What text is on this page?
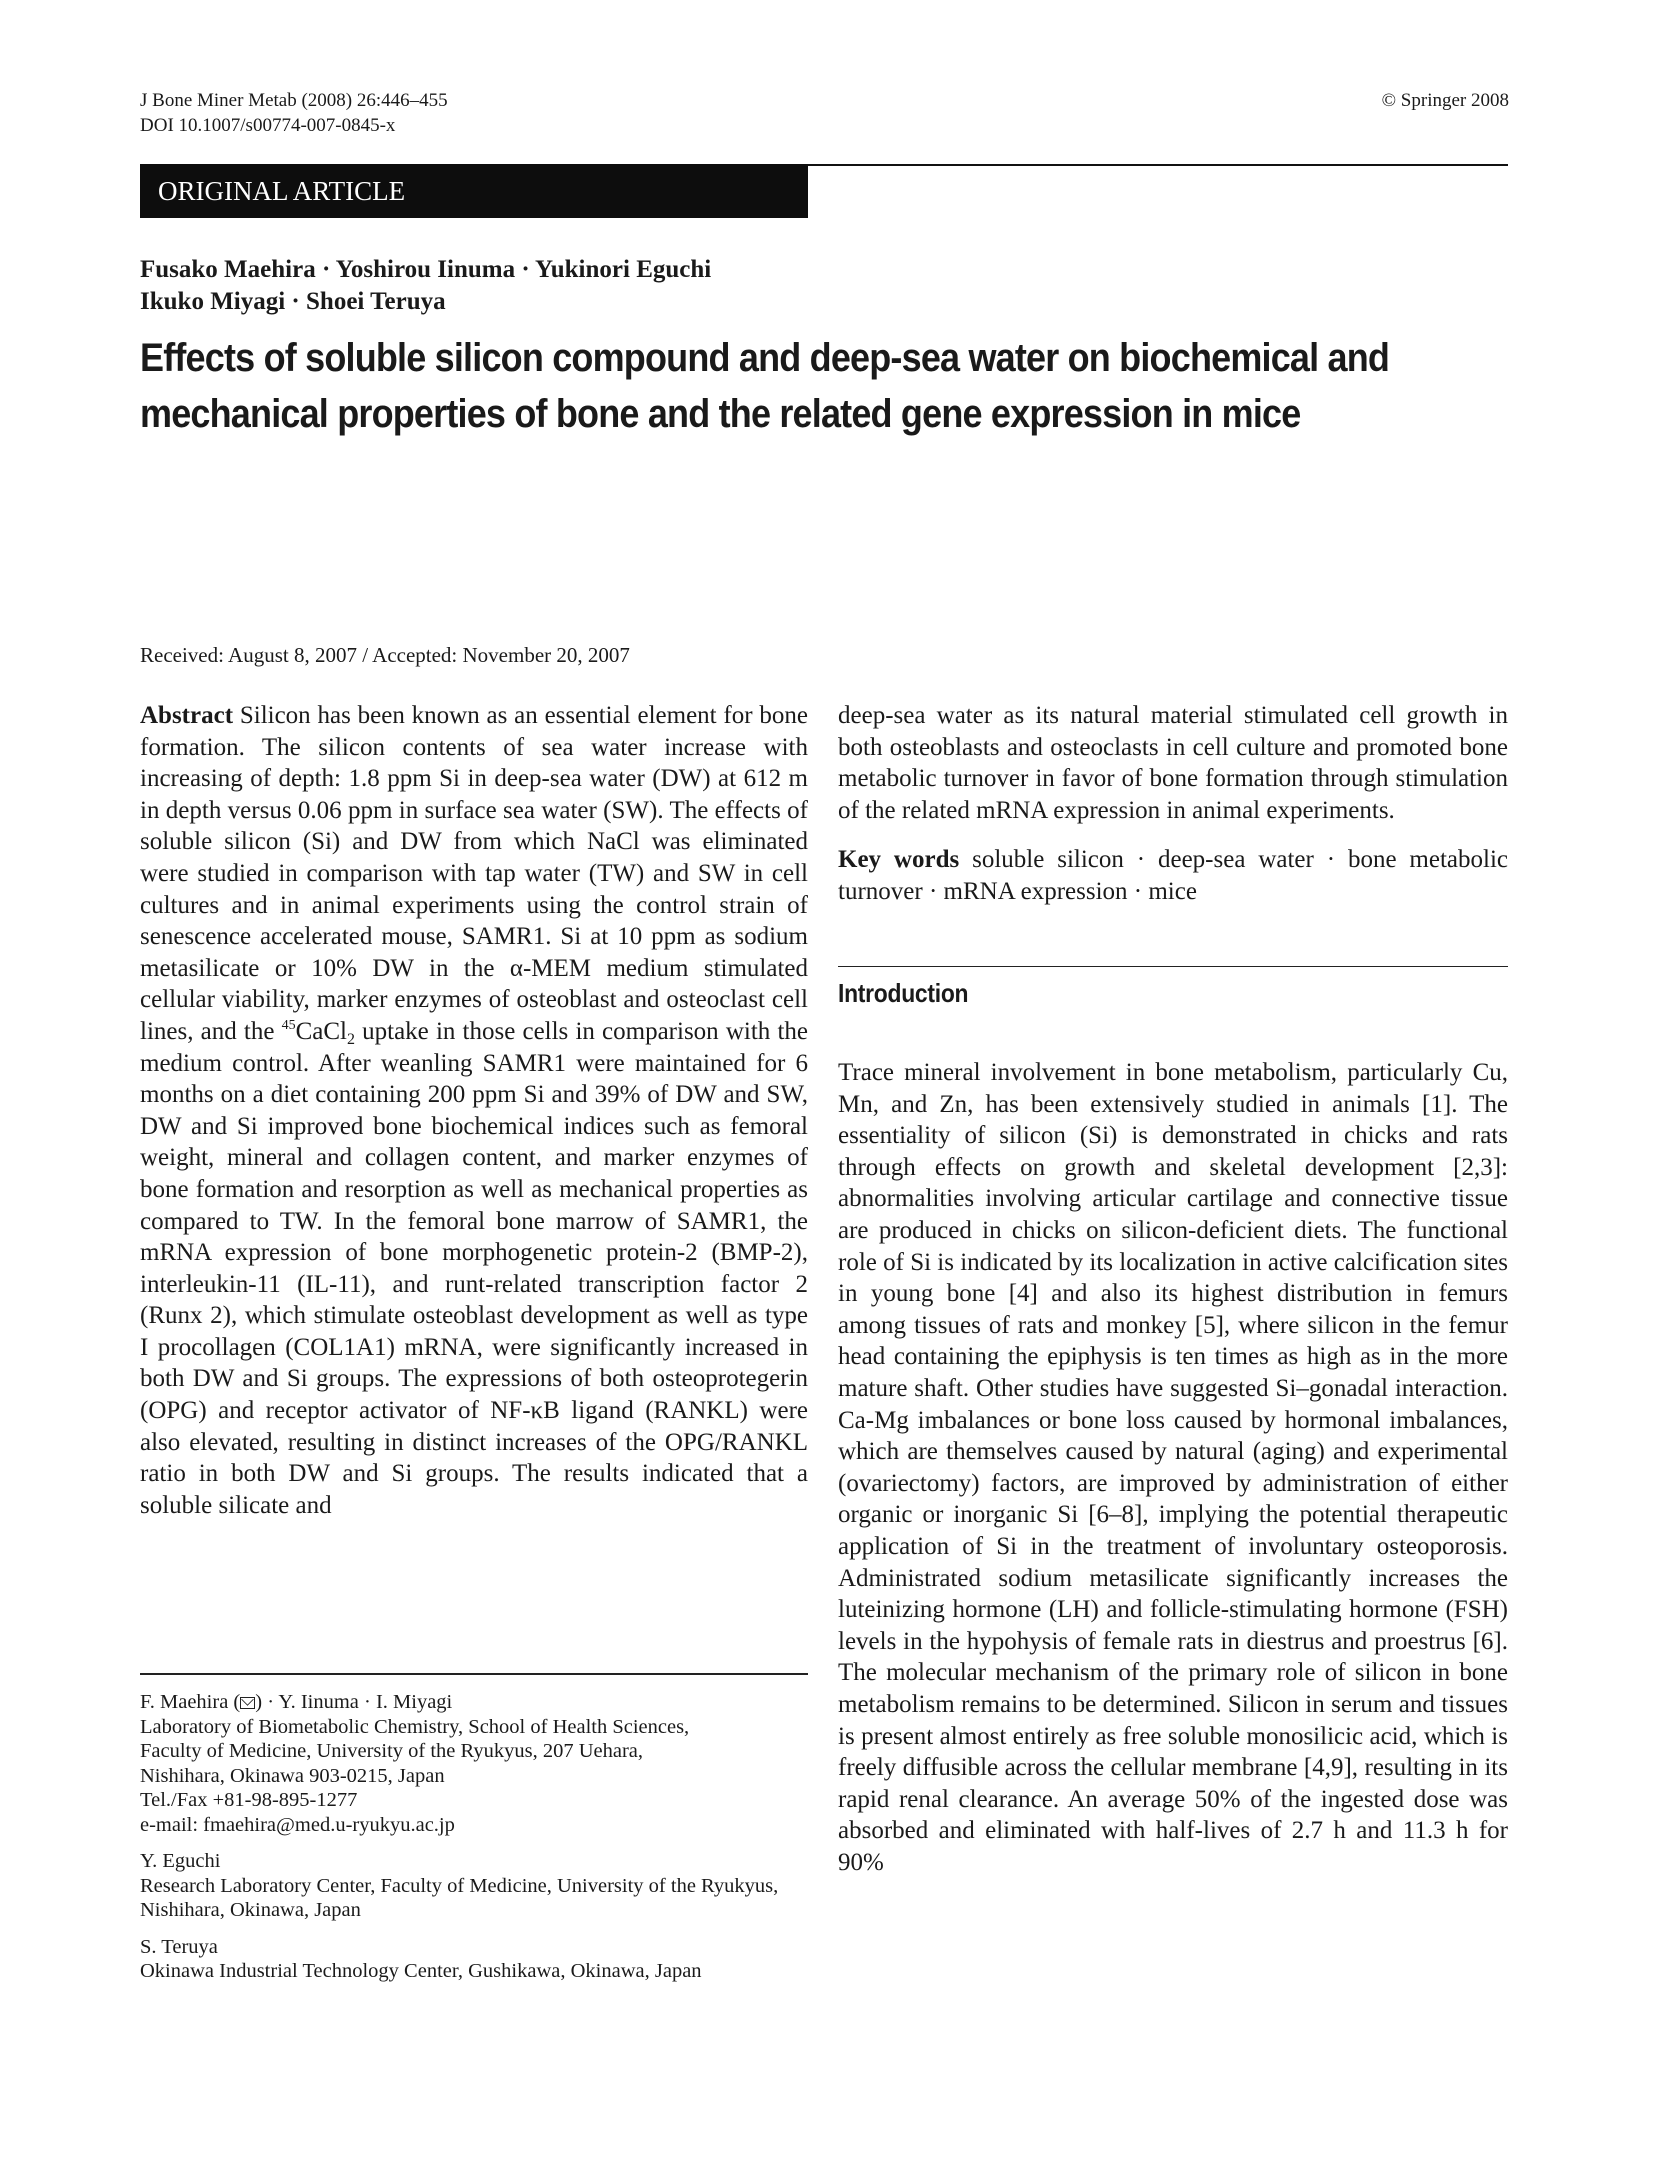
J Bone Miner Metab (2008) 26:446–455
DOI 10.1007/s00774-007-0845-x
© Springer 2008
ORIGINAL ARTICLE
Fusako Maehira · Yoshirou Iinuma · Yukinori Eguchi
Ikuko Miyagi · Shoei Teruya
Effects of soluble silicon compound and deep-sea water on biochemical and
mechanical properties of bone and the related gene expression in mice
Received: August 8, 2007 / Accepted: November 20, 2007
Abstract Silicon has been known as an essential element for bone formation. The silicon contents of sea water increase with increasing of depth: 1.8 ppm Si in deep-sea water (DW) at 612 m in depth versus 0.06 ppm in surface sea water (SW). The effects of soluble silicon (Si) and DW from which NaCl was eliminated were studied in comparison with tap water (TW) and SW in cell cultures and in animal experiments using the control strain of senescence accelerated mouse, SAMR1. Si at 10 ppm as sodium metasilicate or 10% DW in the α-MEM medium stimulated cellular viability, marker enzymes of osteoblast and osteoclast cell lines, and the $^{45}$CaCl$_2$ uptake in those cells in comparison with the medium control. After weanling SAMR1 were maintained for 6 months on a diet containing 200 ppm Si and 39% of DW and SW, DW and Si improved bone biochemical indices such as femoral weight, mineral and collagen content, and marker enzymes of bone formation and resorption as well as mechanical properties as compared to TW. In the femoral bone marrow of SAMR1, the mRNA expression of bone morphogenetic protein-2 (BMP-2), interleukin-11 (IL-11), and runt-related transcription factor 2 (Runx 2), which stimulate osteoblast development as well as type I procollagen (COL1A1) mRNA, were significantly increased in both DW and Si groups. The expressions of both osteoprotegerin (OPG) and receptor activator of NF-κB ligand (RANKL) were also elevated, resulting in distinct increases of the OPG/RANKL ratio in both DW and Si groups. The results indicated that a soluble silicate and
F. Maehira ( ) · Y. Iinuma · I. Miyagi
Laboratory of Biometabolic Chemistry, School of Health Sciences,
Faculty of Medicine, University of the Ryukyus, 207 Uehara,
Nishihara, Okinawa 903-0215, Japan
Tel./Fax +81-98-895-1277
e-mail: fmaehira@med.u-ryukyu.ac.jp
Y. Eguchi
Research Laboratory Center, Faculty of Medicine, University of the Ryukyus, Nishihara, Okinawa, Japan
S. Teruya
Okinawa Industrial Technology Center, Gushikawa, Okinawa, Japan
deep-sea water as its natural material stimulated cell growth in both osteoblasts and osteoclasts in cell culture and promoted bone metabolic turnover in favor of bone formation through stimulation of the related mRNA expression in animal experiments.
Key words soluble silicon · deep-sea water · bone metabolic turnover · mRNA expression · mice
Introduction
Trace mineral involvement in bone metabolism, particularly Cu, Mn, and Zn, has been extensively studied in animals [1]. The essentiality of silicon (Si) is demonstrated in chicks and rats through effects on growth and skeletal development [2,3]: abnormalities involving articular cartilage and connective tissue are produced in chicks on silicon-deficient diets. The functional role of Si is indicated by its localization in active calcification sites in young bone [4] and also its highest distribution in femurs among tissues of rats and monkey [5], where silicon in the femur head containing the epiphysis is ten times as high as in the more mature shaft. Other studies have suggested Si–gonadal interaction. Ca-Mg imbalances or bone loss caused by hormonal imbalances, which are themselves caused by natural (aging) and experimental (ovariectomy) factors, are improved by administration of either organic or inorganic Si [6–8], implying the potential therapeutic application of Si in the treatment of involuntary osteoporosis. Administrated sodium metasilicate significantly increases the luteinizing hormone (LH) and follicle-stimulating hormone (FSH) levels in the hypohysis of female rats in diestrus and proestrus [6]. The molecular mechanism of the primary role of silicon in bone metabolism remains to be determined. Silicon in serum and tissues is present almost entirely as free soluble monosilicic acid, which is freely diffusible across the cellular membrane [4,9], resulting in its rapid renal clearance. An average 50% of the ingested dose was absorbed and eliminated with half-lives of 2.7 h and 11.3 h for 90%
